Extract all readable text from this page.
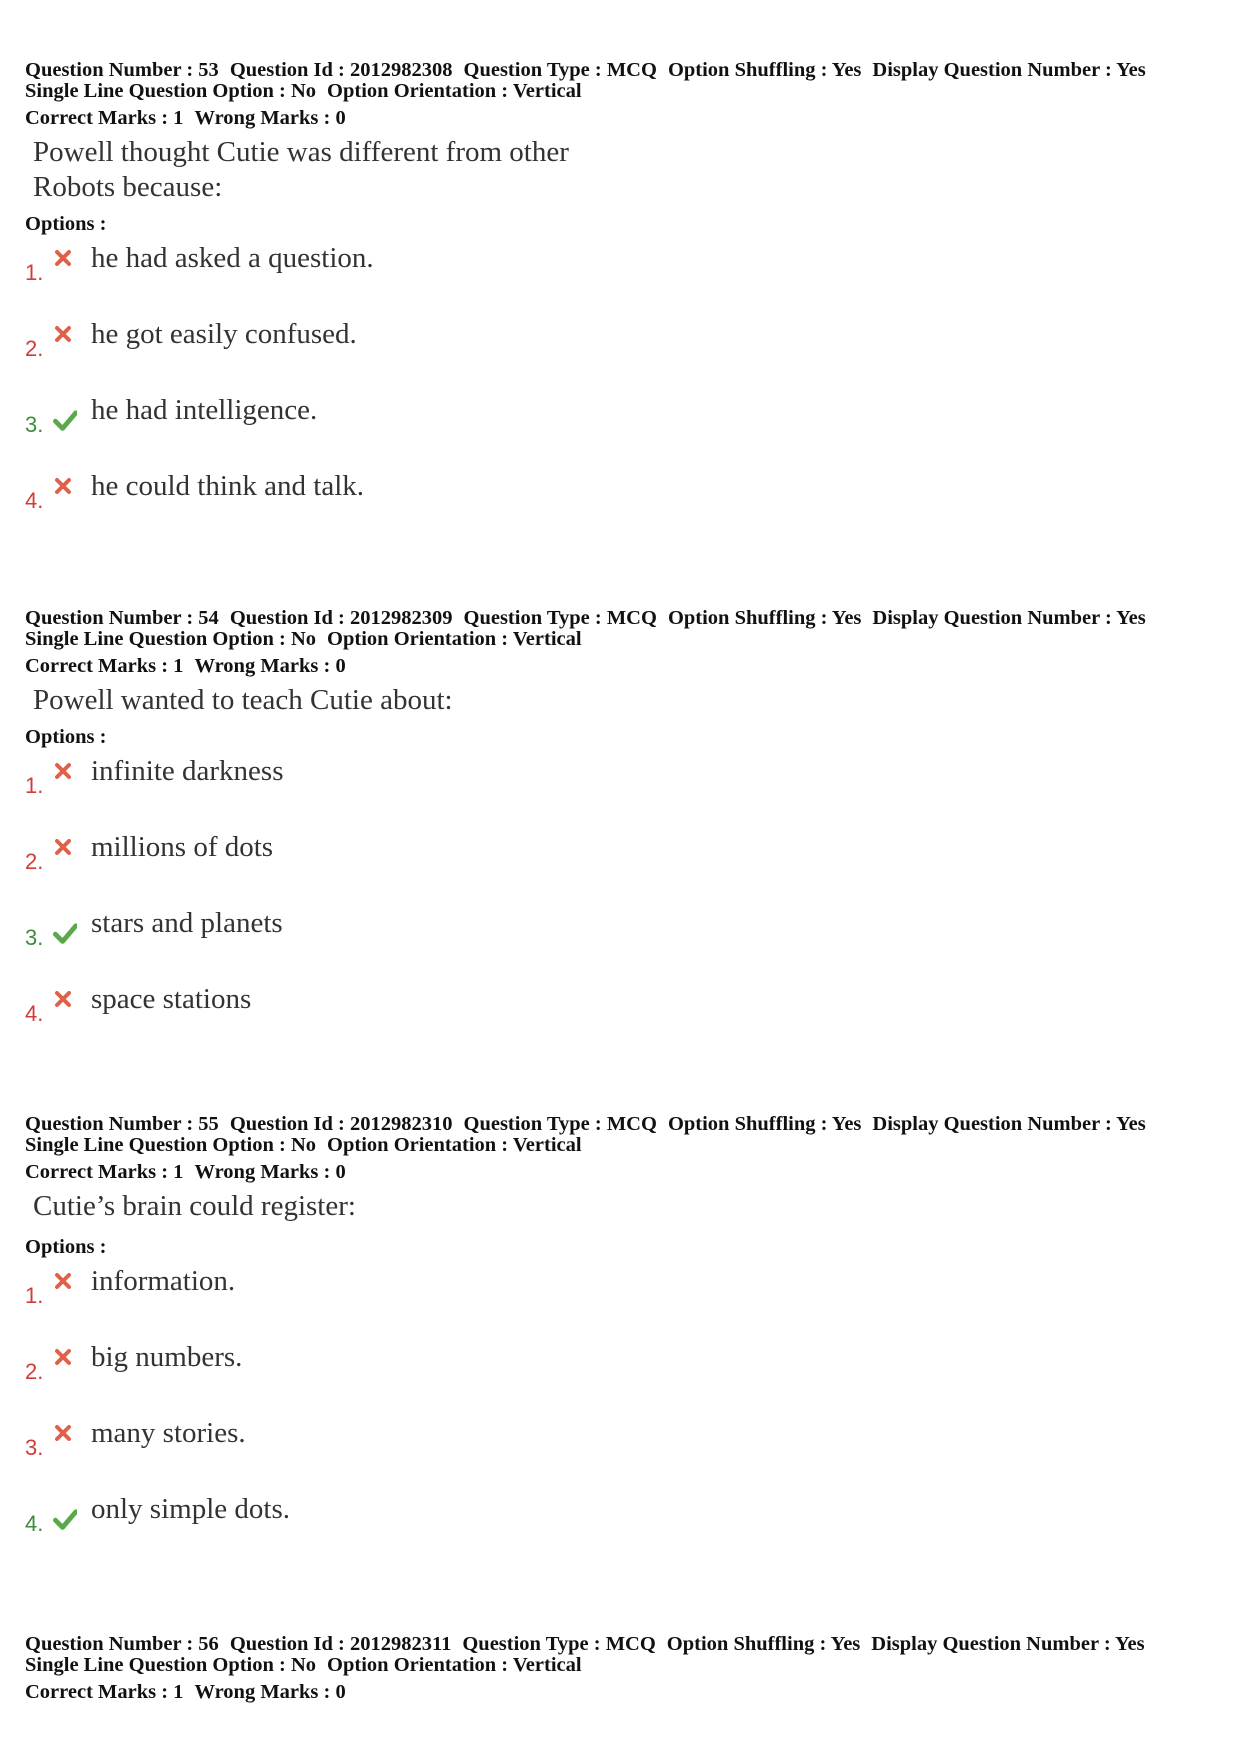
Question Number : 53 Question Id : 2012982308 Question Type : MCQ Option Shuffling : Yes Display Question Number : Yes
Single Line Question Option : No Option Orientation : Vertical
Correct Marks : 1 Wrong Marks : 0
Powell thought Cutie was different from other
Robots because:
Options :
1. he had asked a question.
2. he got easily confused.
3. he had intelligence.
4. he could think and talk.
Question Number : 54 Question Id : 2012982309 Question Type : MCQ Option Shuffling : Yes Display Question Number : Yes
Single Line Question Option : No Option Orientation : Vertical
Correct Marks : 1 Wrong Marks : 0
Powell wanted to teach Cutie about:
Options :
1. infinite darkness
2. millions of dots
3. stars and planets
4. space stations
Question Number : 55 Question Id : 2012982310 Question Type : MCQ Option Shuffling : Yes Display Question Number : Yes
Single Line Question Option : No Option Orientation : Vertical
Correct Marks : 1 Wrong Marks : 0
Cutie’s brain could register:
Options :
1. information.
2. big numbers.
3. many stories.
4. only simple dots.
Question Number : 56 Question Id : 2012982311 Question Type : MCQ Option Shuffling : Yes Display Question Number : Yes
Single Line Question Option : No Option Orientation : Vertical
Correct Marks : 1 Wrong Marks : 0
